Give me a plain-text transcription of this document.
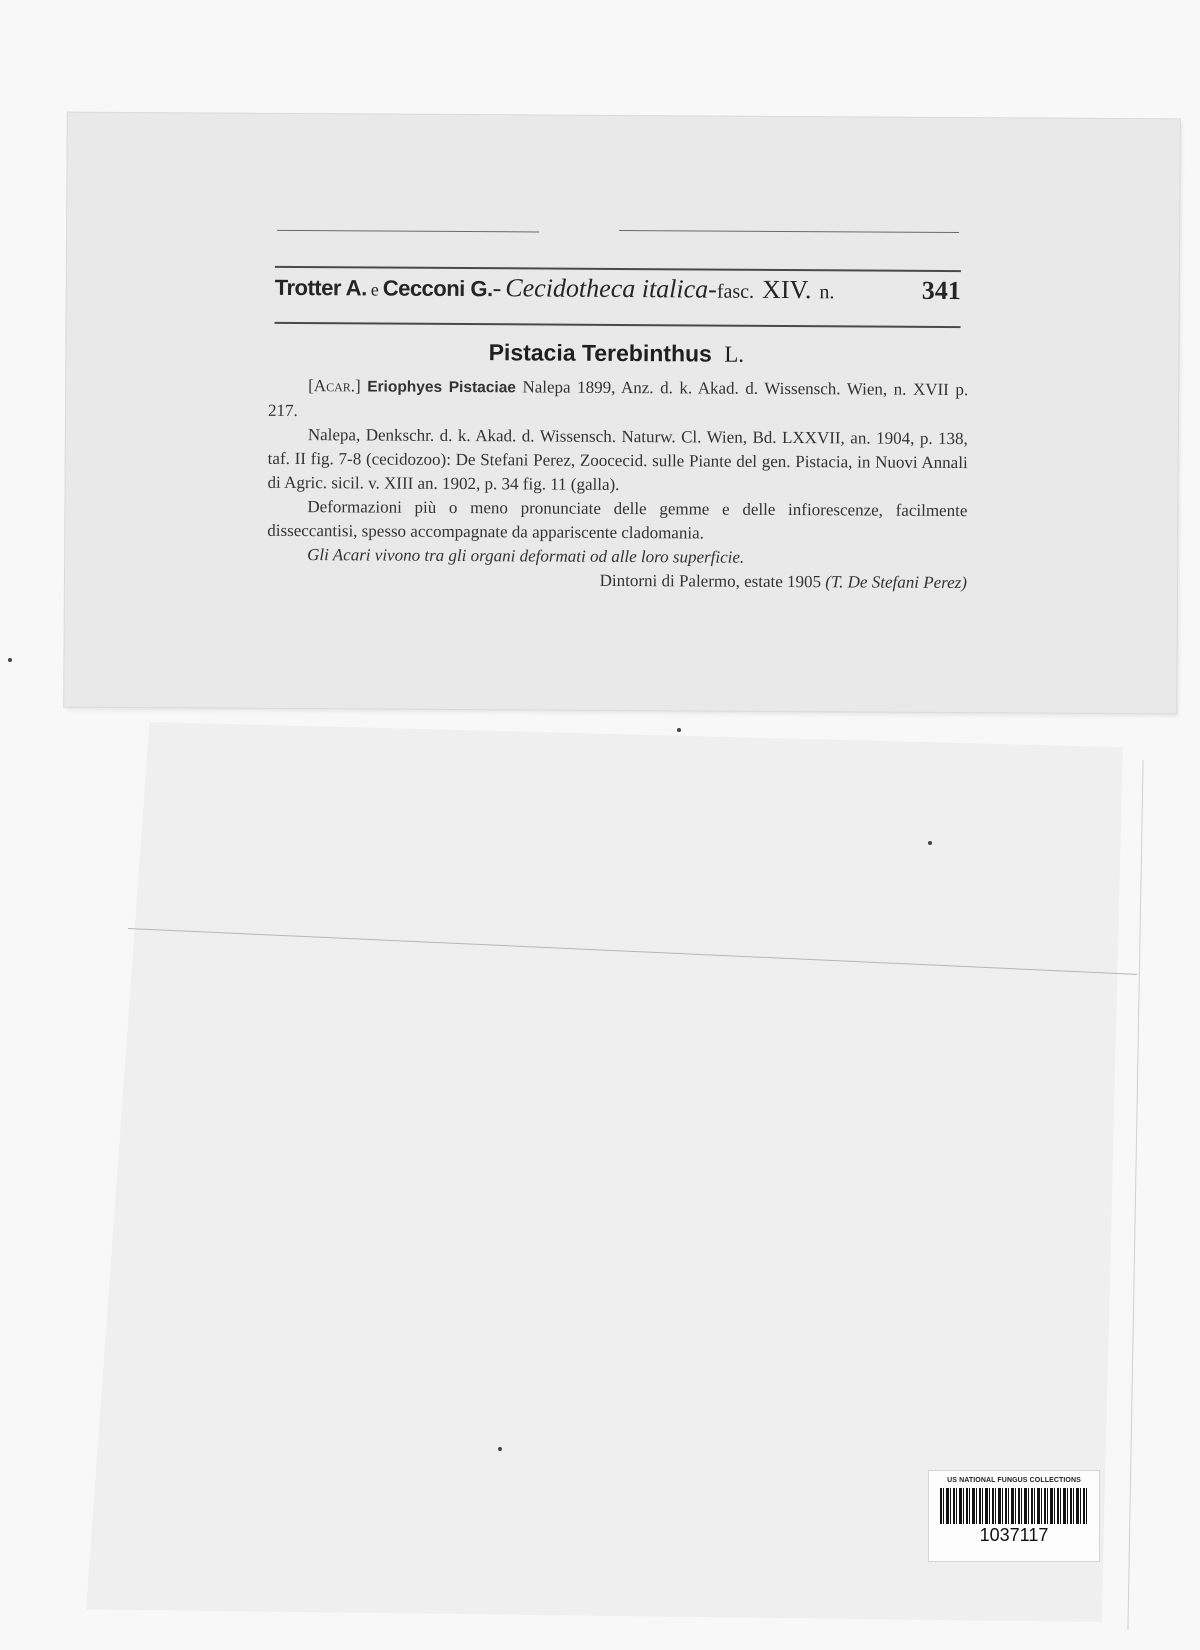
Trotter A. e Cecconi G. - Cecidotheca italica - fasc. XIV. n.	341
Pistacia Terebinthus L.

[Acar.] Eriophyes Pistaciae Nalepa 1899, Anz. d. k. Akad. d. Wissensch. Wien, n. XVII p. 217.

Nalepa, Denkschr. d. k. Akad. d. Wissensch. Naturw. Cl. Wien, Bd. LXXVII, an. 1904, p. 138, taf. II fig. 7-8 (cecidozoo): De Stefani Perez, Zoocecid. sulle Piante del gen. Pistacia, in Nuovi Annali di Agric. sicil. v. XIII an. 1902, p. 34 fig. 11 (galla).

Deformazioni più o meno pronunciate delle gemme e delle infiorescenze, facilmente disseccantisi, spesso accompagnate da appariscente cladomania.

Gli Acari vivono tra gli organi deformati od alle loro superficie.

Dintorni di Palermo, estate 1905 (T. De Stefani Perez)

US NATIONAL FUNGUS COLLECTIONS
1037117
